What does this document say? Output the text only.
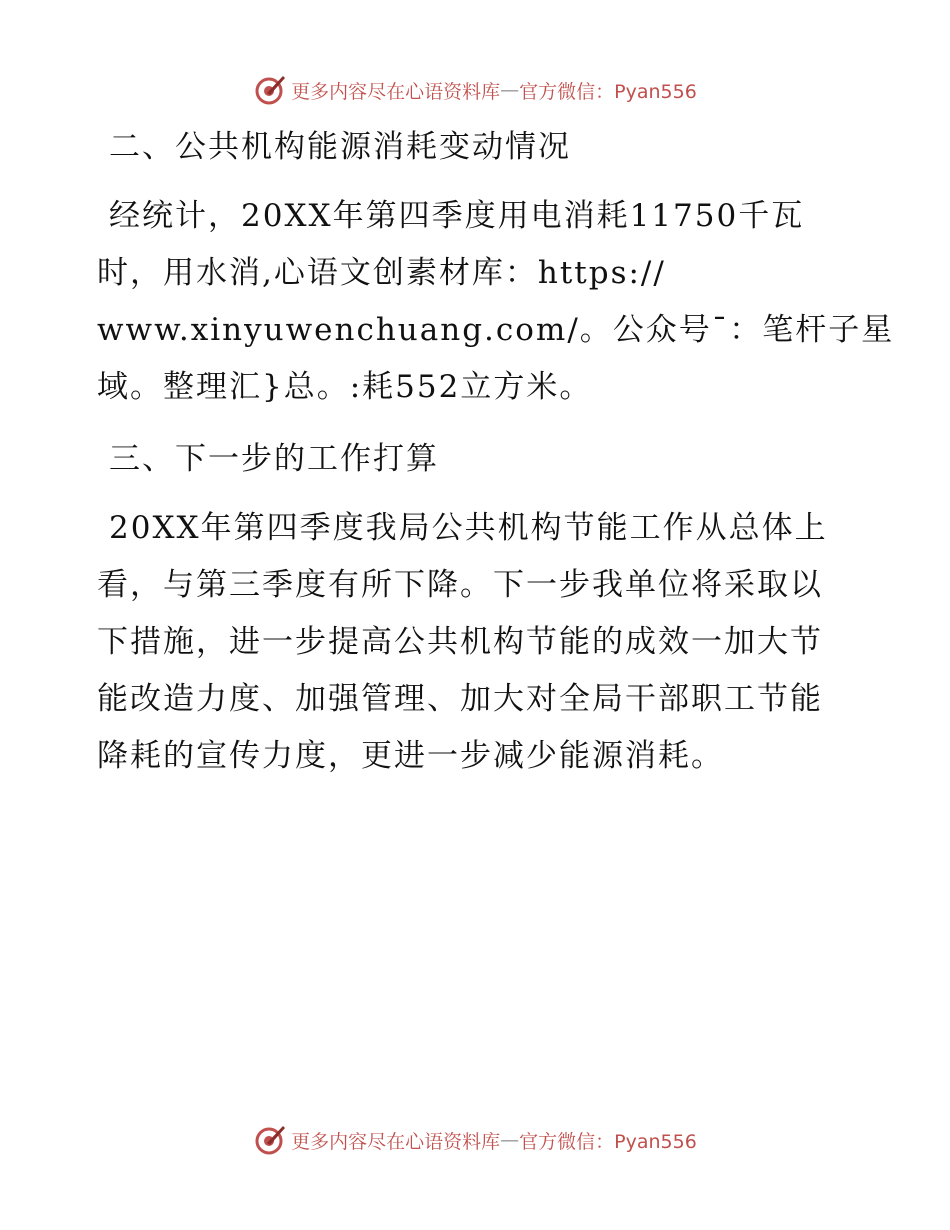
更多内容尽在心语资料库 — 官方微信：Pyan556
二、公共机构能源消耗变动情况
经统计，20XX年第四季度用电消耗11750千瓦
时，用水消,心语文创素材库：https://
www.xinyuwenchuang.com/。公众号¯：笔杆子星
域。整理汇}总。:耗552立方米。
三、下一步的工作打算
20XX年第四季度我局公共机构节能工作从总体上
看，与第三季度有所下降。下一步我单位将采取以
下措施，进一步提高公共机构节能的成效一加大节
能改造力度、加强管理、加大对全局干部职工节能
降耗的宣传力度，更进一步减少能源消耗。
更多内容尽在心语资料库 — 官方微信：Pyan556
